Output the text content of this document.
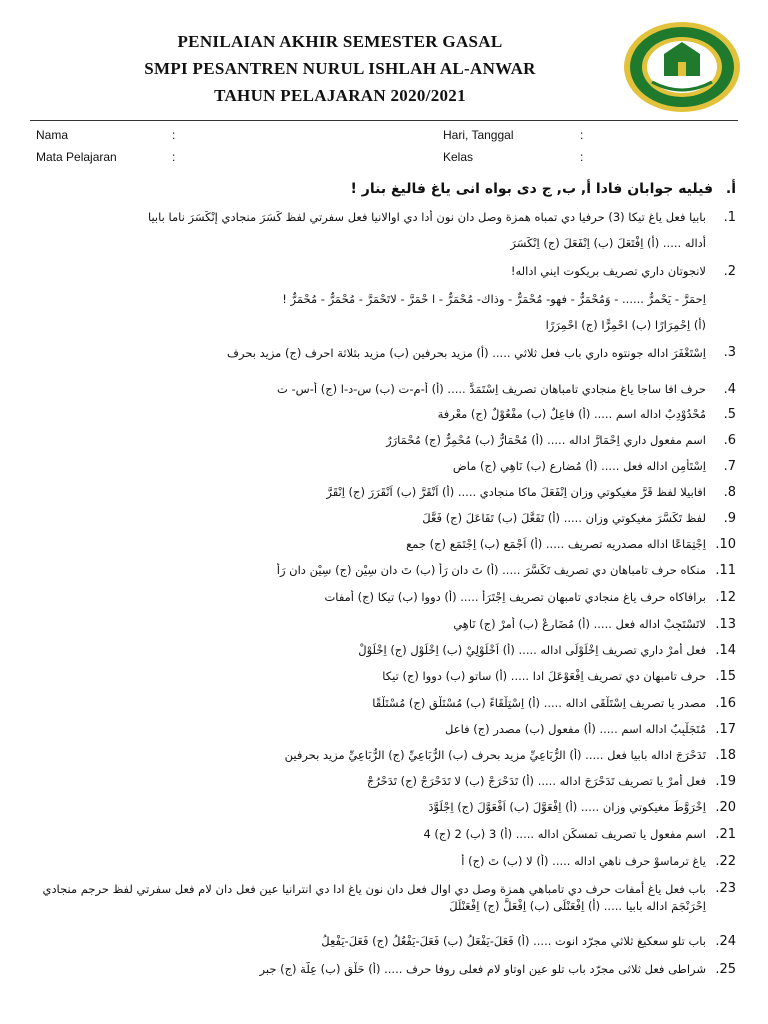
PENILAIAN AKHIR SEMESTER GASAL
SMPI PESANTREN NURUL ISHLAH AL-ANWAR
TAHUN PELAJARAN 2020/2021
Nama	:	Hari, Tanggal	:
Mata Pelajaran	:	Kelas	:
أ. فيليه جوابان فادا أ, ب, ج دى بواه انى ياغ فاليغ بنار !
.1
بابيا فعل ياغ تيكا (3) حرفيا دي تمباه همزة وصل دان نون أدا دي اوالانيا فعل سفرتي لفظ كَسَرَ منجادي إنْكَسَرَ ناما بابيا
أداله ..... (أ) اِفْتَعَلَ (ب) اِنْفَعَلَ (ج) اِنْكَسَرَ
.2
لانجوتان داري تصريف بريكوت ايني اداله!
اِحمَرَّ - يَحْمرُّ ...... - وَمُحْمَرٌّ - فهو- مُحْمَرٌّ - وذاك- مُحْمَرٌّ - ا حْمَرَّ - لاتَحْمَرَّ - مُحْمَرٌّ - مُحْمَرٌّ !
(أ) اِحْمِرَارًا (ب) احْمِرًّا (ج) احْمِرَرًا
.3
اِسْتَغْفَرَ اداله جونتوه داري باب فعل ثلاثي ..... (أ) مزيد بحرفين (ب) مزيد بثلاثة احرف (ج) مزيد بحرف
.4
حرف افا ساجا ياغ منجادي تامباهان تصريف اِسْتَمَدَّ ..... (أ) أ-م-ت (ب) س-د-ا (ج) أ-س- ت
.5
مُحْدُوْدِبٌ اداله اسم ..... (أ) فاعِلٌ (ب) مفْعُوْلٌ (ج) معْرِفة
.6
اسم مفعول داري اِحْمَارَّ اداله ..... (أ) مُحْمَارٌّ (ب) مُحْمِرٌّ (ج) مُحْمَارَرٌ
.7
اِسْتَأْمِن اداله فعل ..... (أ) مُضارع (ب) نَاهِي (ج) ماضِ
.8
افابيلا لفظ قَرَّ مغيكوتي وزان اِنْفَعَلَ ماكا منجادي ..... (أ) اَنْقَرَّ (ب) اَنْقَرَرَ (ج) اِنْقَرَّ
.9
لفظ تَكَسَّرَ مغيكوتي وزان ..... (أ) تَفَعَّلَ (ب) تَفَاعَلَ (ج) فَعَّلَ
.10
اِجْتِمَاعًا اداله مصدريه تصريف ..... (أ) اَجْمَع (ب) اِجْتَمَع (ج) جمع
.11
منكاه حرف تامباهان دي تصريف تَكَسَّرَ ..... (أ) تَ دان رَأْ (ب) تَ دان سِيْن (ج) سِيْن دان رَأْ
.12
برافاكاه حرف ياغ منجادي تامبهان تصريف اِجْتَرَأَ ..... (أ) دووا (ب) تيكا (ج) أمفات
.13
لاتَسْتَجِبْ اداله فعل ..... (أ) مُضَارِعْ (ب) أَمرْ (ج) نَاهِي
.14
فعل أمرْ داري تصريف اِخْلَوْلَى اداله ..... (أ) اَخْلَوْلِيْ (ب) اِخْلَوْلِ (ج) اِخْلَوْلْ
.15
حرف تامبهان دي تصريف اِفْعَوْعَلَ ادا ..... (أ) ساتو (ب) دووا (ج) تيكا
.16
مصدر يا تصريف اِسْتَلْقَى اداله ..... (أ) اِسْتِلْقَاءً (ب) مُسْتَلْقٍ (ج) مُسْتَلْقًا
.17
مُتَجَلْبِبٌ اداله اسم ..... (أ) مفعول (ب) مصدر (ج) فاعل
.18
تَدَحْرَجَ اداله بابيا فعل ..... (أ) الرُّبَاعِيِّ مزيد بحرف (ب) الرُّبَاعِيِّ (ج) الرُّبَاعِيِّ مزيد بحرفين
.19
فعل أمرْ يا تصريف تَدَحْرَجَ اداله ..... (أ) تَدَحْرَجْ (ب) لا تَدَحْرَجْ (ج) تَدَحْرُجْ
.20
اِخْرَوَّطَ مغيكوتي وزان ..... (أ) اِفْعَوَّلَ (ب) اَفْعَوَّلَ (ج) اِجْلَوَّدَ
.21
اسم مفعول يا تصريف تمسكَن اداله ..... (أ) 3 (ب) 2 (ج) 4
.22
ياغ ترماسوْ حرف ناهي اداله ..... (أ) لا (ب) تَ (ج) أ
.23
باب فعل ياغ أمفات حرف دي تامباهي همزة وصل دي اوال فعل دان نون ياغ ادا دي انترانيا عين فعل دان لام فعل سفرتي لفظ حرجم منجادي اِحْرَنْجَمَ اداله بابيا ..... (أ) اِفْعَنْلَى (ب) اِفْعَلَّ (ج) اِفْعَنْلَلَ
.24
باب تلو سعكيغ ثلاثي مجرّد انوت ..... (أ) فَعَلَ-يَفْعَلُ (ب) فَعَلَ-يَفْعُلُ (ج) فَعَلَ-يَفْعِلُ
.25
شراطى فعل ثلاثى مجرّد باب تلو عين اوتاو لام فعلى روفا حرف ..... (أ) حَلْقٍ (ب) عِلَّة (ج) جبر
